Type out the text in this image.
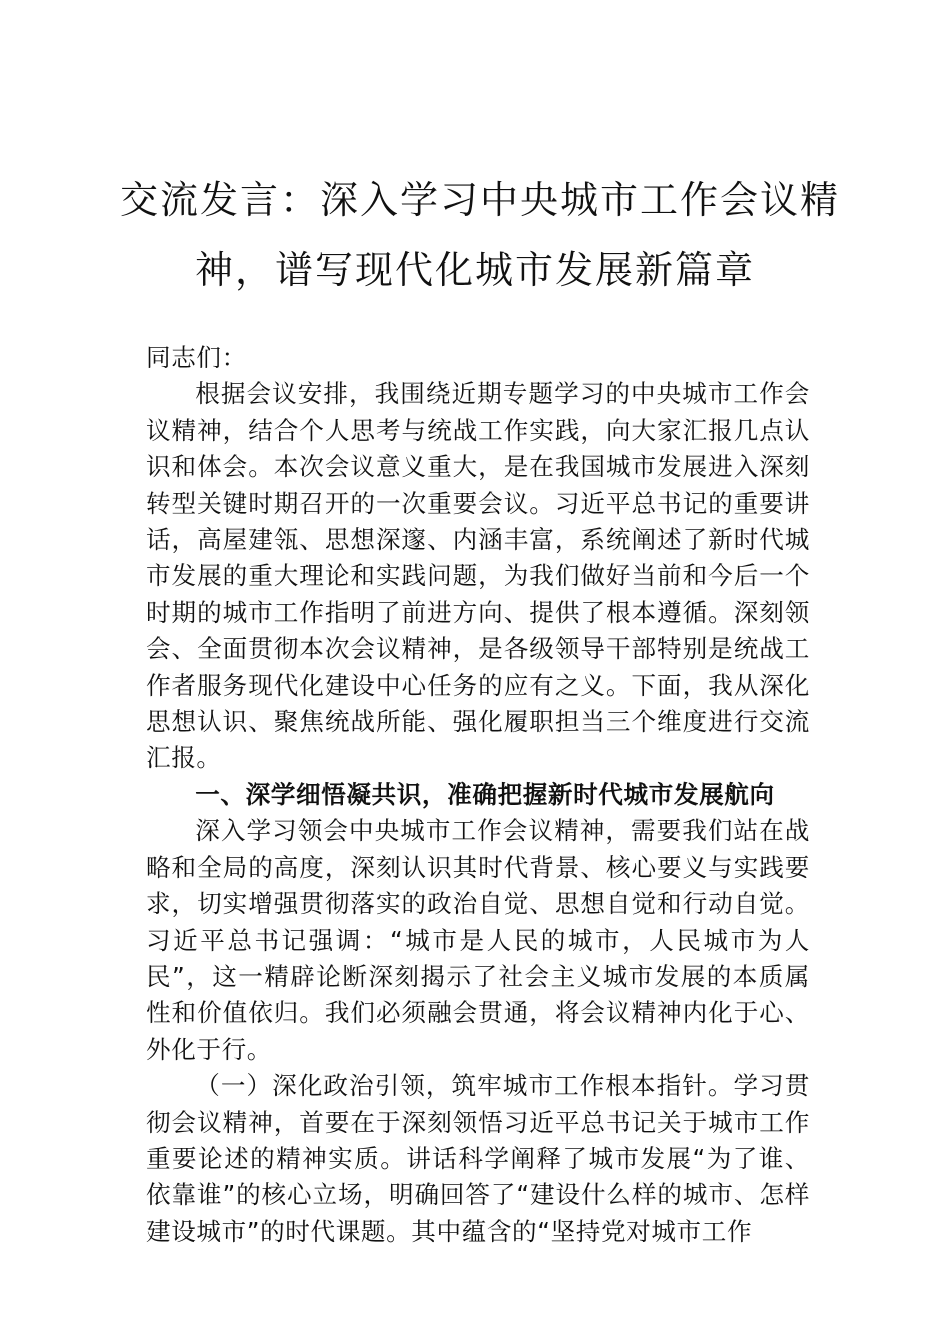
交流发言：深入学习中央城市工作会议精
神，谱写现代化城市发展新篇章

同志们：

根据会议安排，我围绕近期专题学习的中央城市工作会议精神，结合个人思考与统战工作实践，向大家汇报几点认识和体会。本次会议意义重大，是在我国城市发展进入深刻转型关键时期召开的一次重要会议。习近平总书记的重要讲话，高屋建瓴、思想深邃、内涵丰富，系统阐述了新时代城市发展的重大理论和实践问题，为我们做好当前和今后一个时期的城市工作指明了前进方向、提供了根本遵循。深刻领会、全面贯彻本次会议精神，是各级领导干部特别是统战工作者服务现代化建设中心任务的应有之义。下面，我从深化思想认识、聚焦统战所能、强化履职担当三个维度进行交流汇报。

一、深学细悟凝共识，准确把握新时代城市发展航向

深入学习领会中央城市工作会议精神，需要我们站在战略和全局的高度，深刻认识其时代背景、核心要义与实践要求，切实增强贯彻落实的政治自觉、思想自觉和行动自觉。习近平总书记强调：“城市是人民的城市，人民城市为人民”，这一精辟论断深刻揭示了社会主义城市发展的本质属性和价值依归。我们必须融会贯通，将会议精神内化于心、外化于行。

（一）深化政治引领，筑牢城市工作根本指针。学习贯彻会议精神，首要在于深刻领悟习近平总书记关于城市工作重要论述的精神实质。讲话科学阐释了城市发展“为了谁、依靠谁”的核心立场，明确回答了“建设什么样的城市、怎样建设城市”的时代课题。其中蕴含的“坚持党对城市工作
